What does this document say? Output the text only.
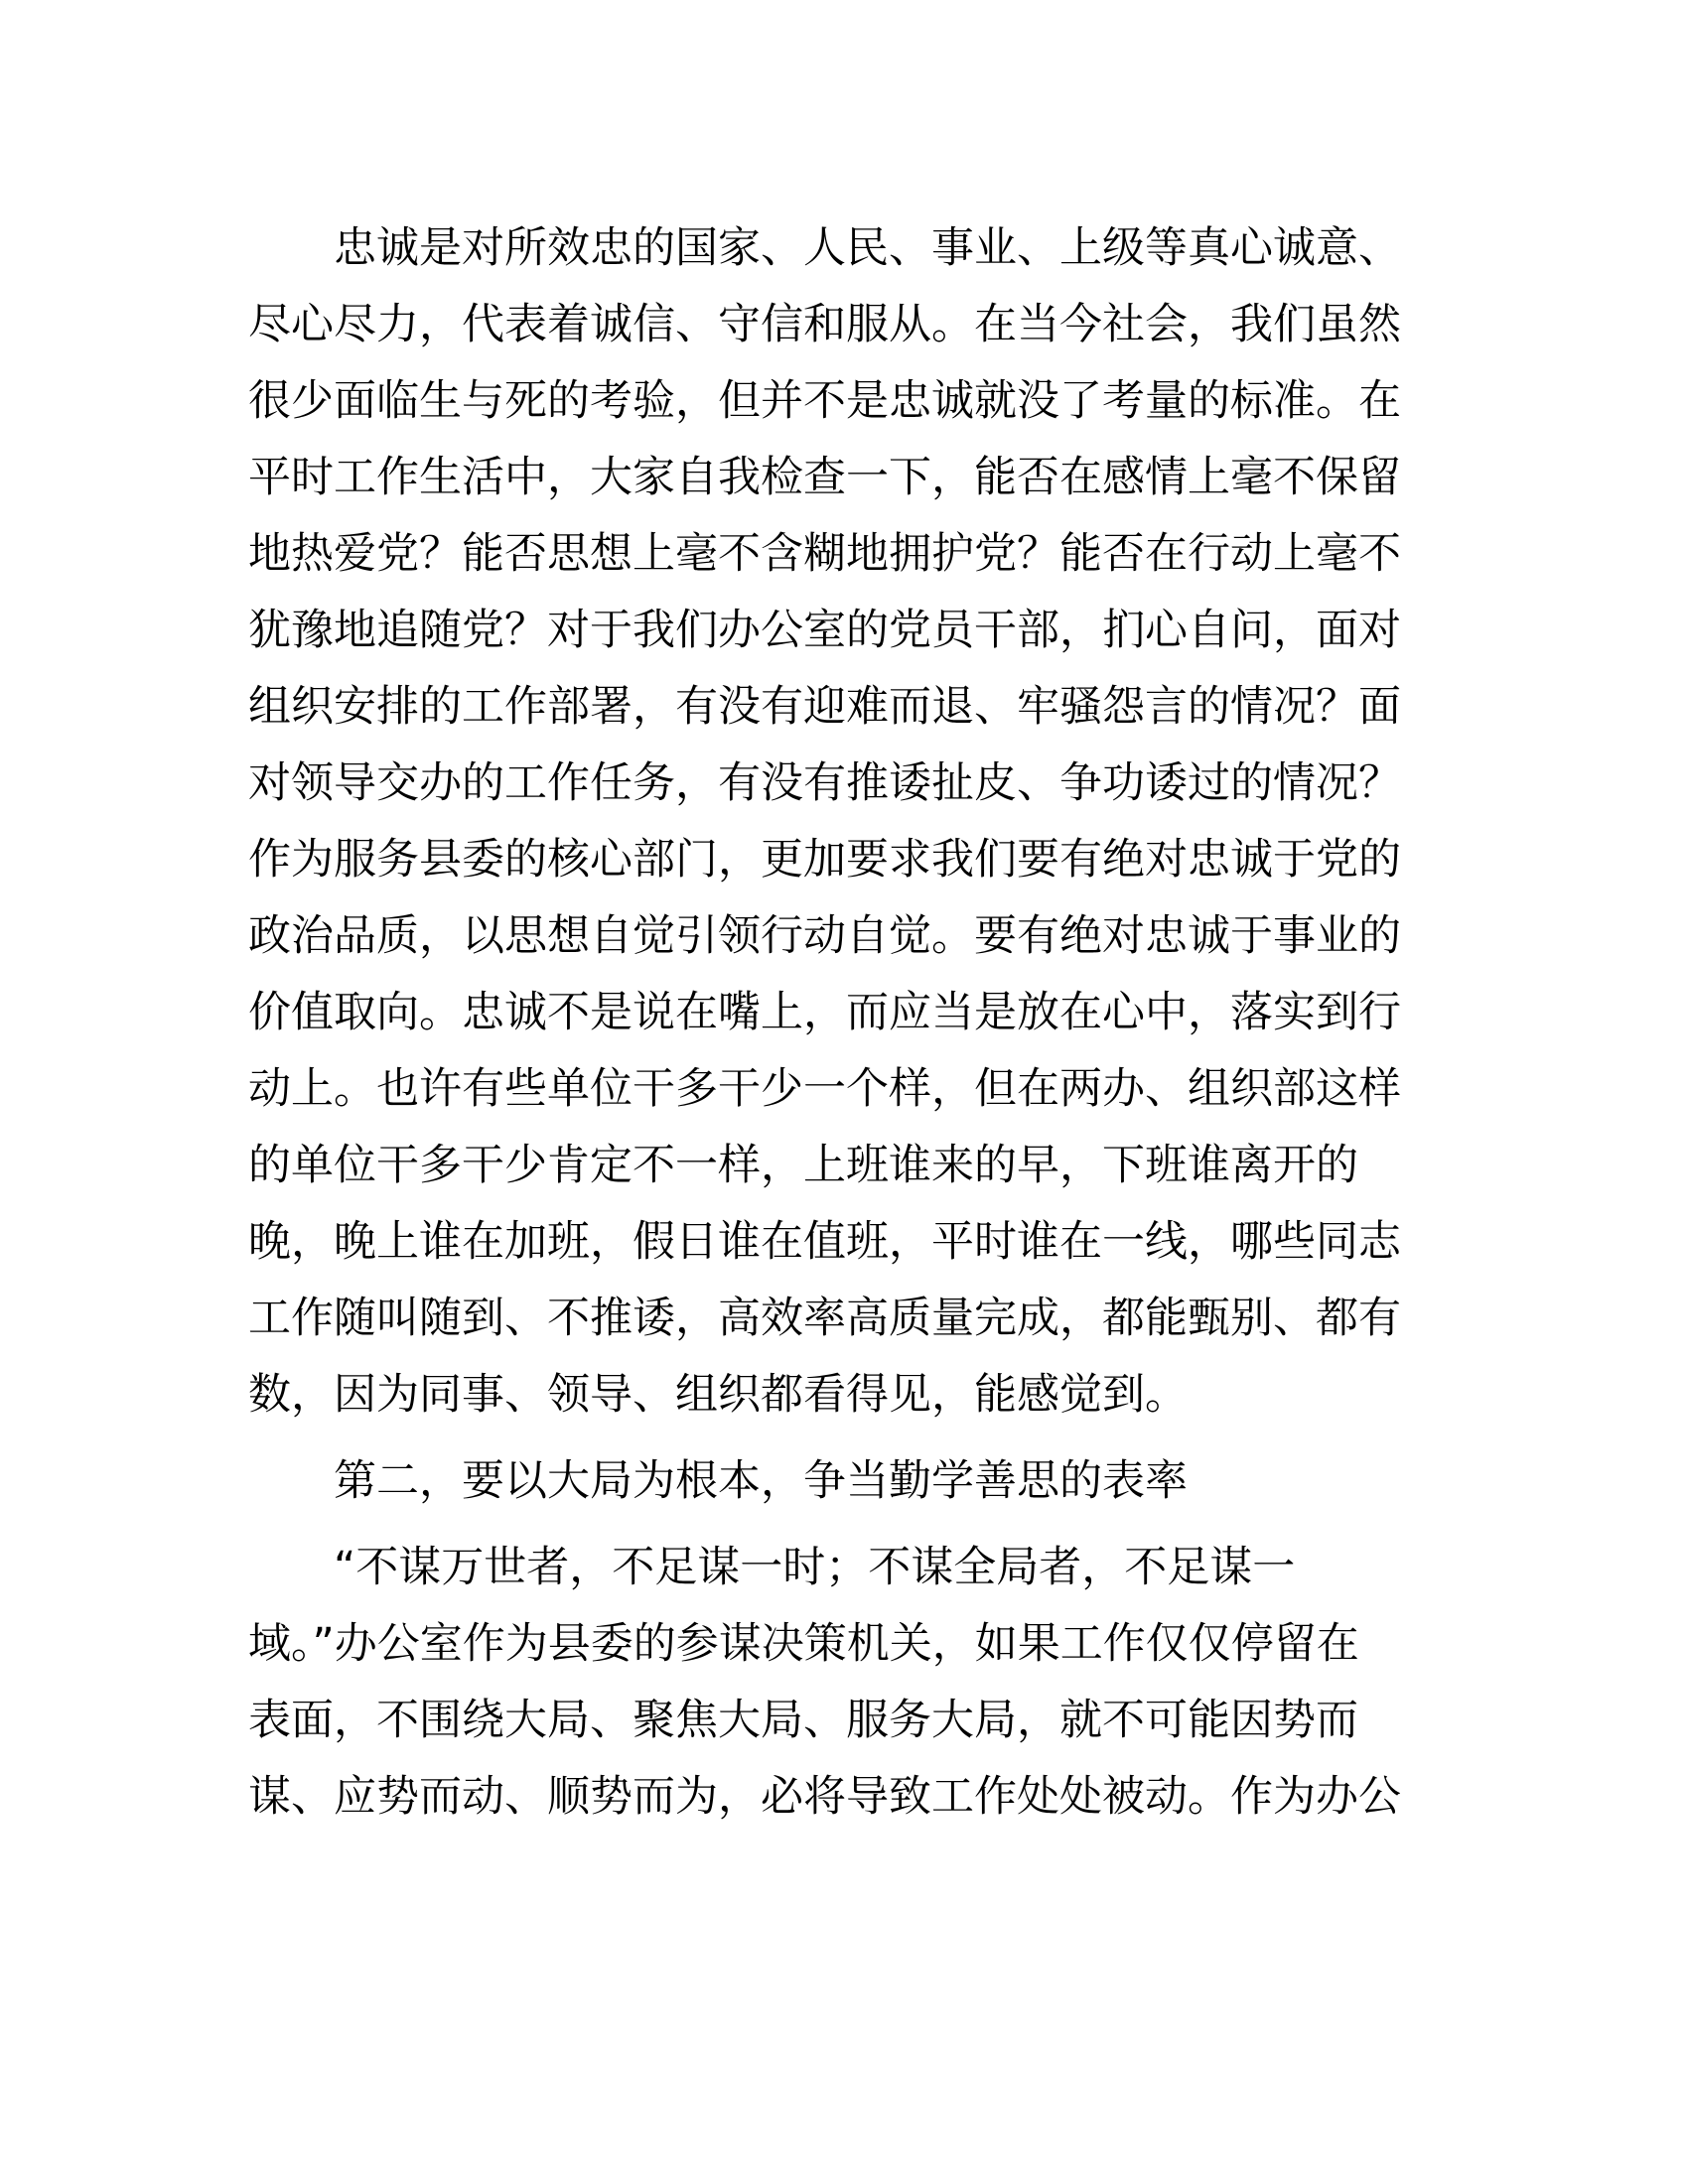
忠诚是对所效忠的国家、人民、事业、上级等真心诚意、
尽心尽力，代表着诚信、守信和服从。在当今社会，我们虽然
很少面临生与死的考验，但并不是忠诚就没了考量的标准。在
平时工作生活中，大家自我检查一下，能否在感情上毫不保留
地热爱党？能否思想上毫不含糊地拥护党？能否在行动上毫不
犹豫地追随党？对于我们办公室的党员干部，扪心自问，面对
组织安排的工作部署，有没有迎难而退、牢骚怨言的情况？面
对领导交办的工作任务，有没有推诿扯皮、争功诿过的情况？
作为服务县委的核心部门，更加要求我们要有绝对忠诚于党的
政治品质，以思想自觉引领行动自觉。要有绝对忠诚于事业的
价值取向。忠诚不是说在嘴上，而应当是放在心中，落实到行
动上。也许有些单位干多干少一个样，但在两办、组织部这样
的单位干多干少肯定不一样，上班谁来的早，下班谁离开的
晚，晚上谁在加班，假日谁在值班，平时谁在一线，哪些同志
工作随叫随到、不推诿，高效率高质量完成，都能甄别、都有
数，因为同事、领导、组织都看得见，能感觉到。
第二，要以大局为根本，争当勤学善思的表率
“不谋万世者，不足谋一时；不谋全局者，不足谋一
域。”办公室作为县委的参谋决策机关，如果工作仅仅停留在
表面，不围绕大局、聚焦大局、服务大局，就不可能因势而
谋、应势而动、顺势而为，必将导致工作处处被动。作为办公
